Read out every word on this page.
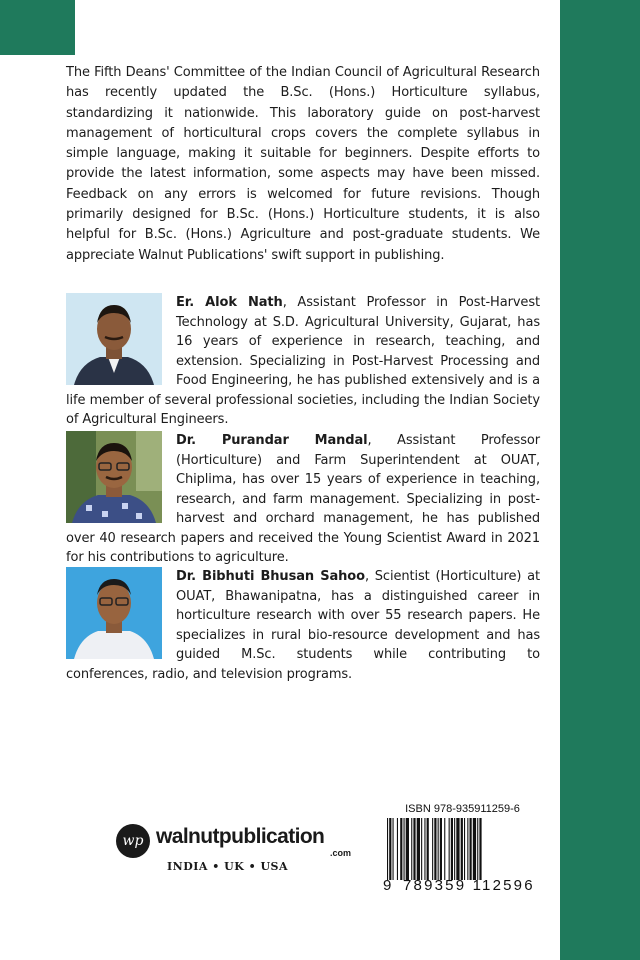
The Fifth Deans' Committee of the Indian Council of Agricultural Research has recently updated the B.Sc. (Hons.) Horticulture syllabus, standardizing it nationwide. This laboratory guide on post-harvest management of horticultural crops covers the complete syllabus in simple language, making it suitable for beginners. Despite efforts to provide the latest information, some aspects may have been missed. Feedback on any errors is welcomed for future revisions. Though primarily designed for B.Sc. (Hons.) Horticulture students, it is also helpful for B.Sc. (Hons.) Agriculture and post-graduate students. We appreciate Walnut Publications' swift support in publishing.

Er. Alok Nath, Assistant Professor in Post-Harvest Technology at S.D. Agricultural University, Gujarat, has 16 years of experience in research, teaching, and extension. Specializing in Post-Harvest Processing and Food Engineering, he has published extensively and is a life member of several professional societies, including the Indian Society of Agricultural Engineers.
Dr. Purandar Mandal, Assistant Professor (Horticulture) and Farm Superintendent at OUAT, Chiplima, has over 15 years of experience in teaching, research, and farm management. Specializing in post-harvest and orchard management, he has published over 40 research papers and received the Young Scientist Award in 2021 for his contributions to agriculture.
Dr. Bibhuti Bhusan Sahoo, Scientist (Horticulture) at OUAT, Bhawanipatna, has a distinguished career in horticulture research with over 55 research papers. He specializes in rural bio-resource development and has guided M.Sc. students while contributing to conferences, radio, and television programs.
wp walnutpublication
.com
INDIA • UK • USA
ISBN 978-935911259-6
9 789359 112596
